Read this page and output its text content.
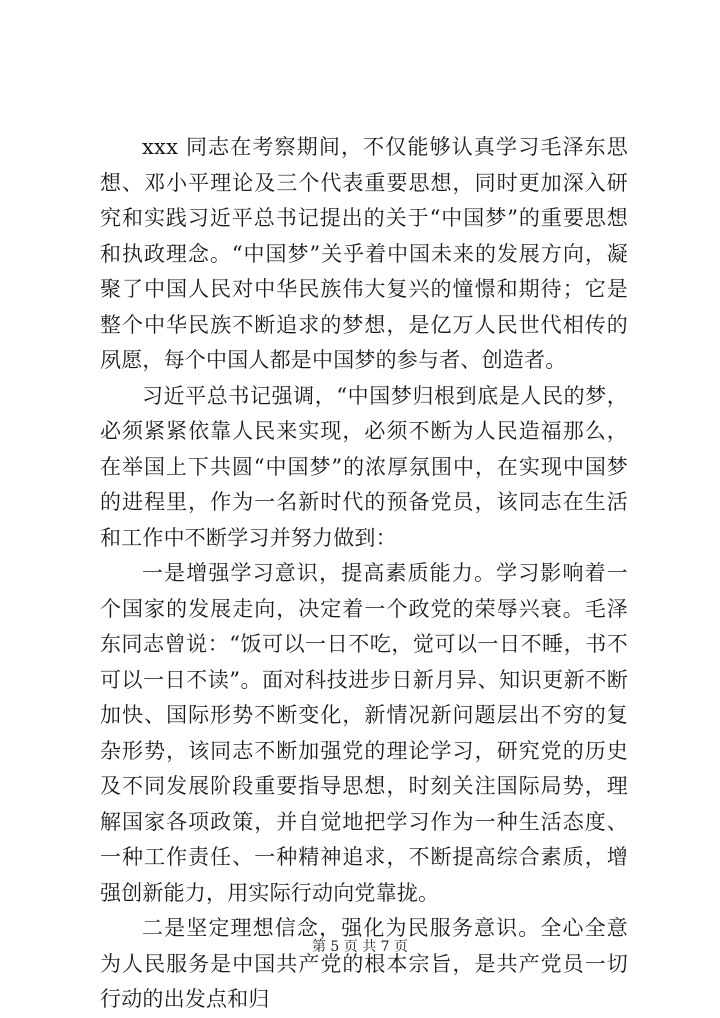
xxx 同志在考察期间，不仅能够认真学习毛泽东思想、邓小平理论及三个代表重要思想，同时更加深入研究和实践习近平总书记提出的关于“中国梦”的重要思想和执政理念。“中国梦”关乎着中国未来的发展方向，凝聚了中国人民对中华民族伟大复兴的憧憬和期待；它是整个中华民族不断追求的梦想，是亿万人民世代相传的夙愿，每个中国人都是中国梦的参与者、创造者。

习近平总书记强调，“中国梦归根到底是人民的梦，必须紧紧依靠人民来实现，必须不断为人民造福那么，在举国上下共圆“中国梦”的浓厚氛围中，在实现中国梦的进程里，作为一名新时代的预备党员，该同志在生活和工作中不断学习并努力做到：

一是增强学习意识，提高素质能力。学习影响着一个国家的发展走向，决定着一个政党的荣辱兴衰。毛泽东同志曾说：“饭可以一日不吃，觉可以一日不睡，书不可以一日不读”。面对科技进步日新月异、知识更新不断加快、国际形势不断变化，新情况新问题层出不穷的复杂形势，该同志不断加强党的理论学习，研究党的历史及不同发展阶段重要指导思想，时刻关注国际局势，理解国家各项政策，并自觉地把学习作为一种生活态度、一种工作责任、一种精神追求，不断提高综合素质，增强创新能力，用实际行动向党靠拢。

二是坚定理想信念，强化为民服务意识。全心全意为人民服务是中国共产党的根本宗旨，是共产党员一切行动的出发点和归

第 5 页 共 7 页
